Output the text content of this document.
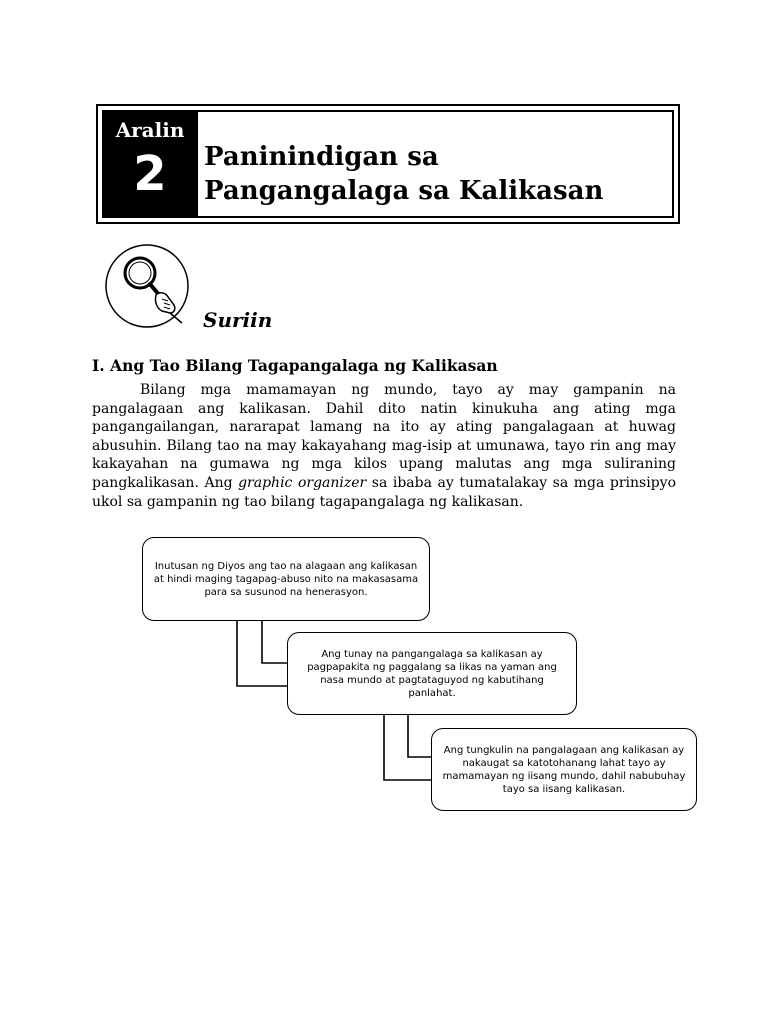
Aralin
2	Paninindigan sa
Pangangalaga sa Kalikasan
Suriin
I. Ang Tao Bilang Tagapangalaga ng Kalikasan
Bilang mga mamamayan ng mundo, tayo ay may gampanin na pangalagaan ang kalikasan. Dahil dito natin kinukuha ang ating mga pangangailangan, nararapat lamang na ito ay ating pangalagaan at huwag abusuhin. Bilang tao na may kakayahang mag-isip at umunawa, tayo rin ang may kakayahan na gumawa ng mga kilos upang malutas ang mga suliraning pangkalikasan. Ang graphic organizer sa ibaba ay tumatalakay sa mga prinsipyo ukol sa gampanin ng tao bilang tagapangalaga ng kalikasan.
Inutusan ng Diyos ang tao na alagaan ang kalikasan at hindi maging tagapag-abuso nito na makasasama para sa susunod na henerasyon.
Ang tunay na pangangalaga sa kalikasan ay pagpapakita ng paggalang sa likas na yaman ang nasa mundo at pagtataguyod ng kabutihang panlahat.
Ang tungkulin na pangalagaan ang kalikasan ay nakaugat sa katotohanang lahat tayo ay mamamayan ng iisang mundo, dahil nabubuhay tayo sa iisang kalikasan.
